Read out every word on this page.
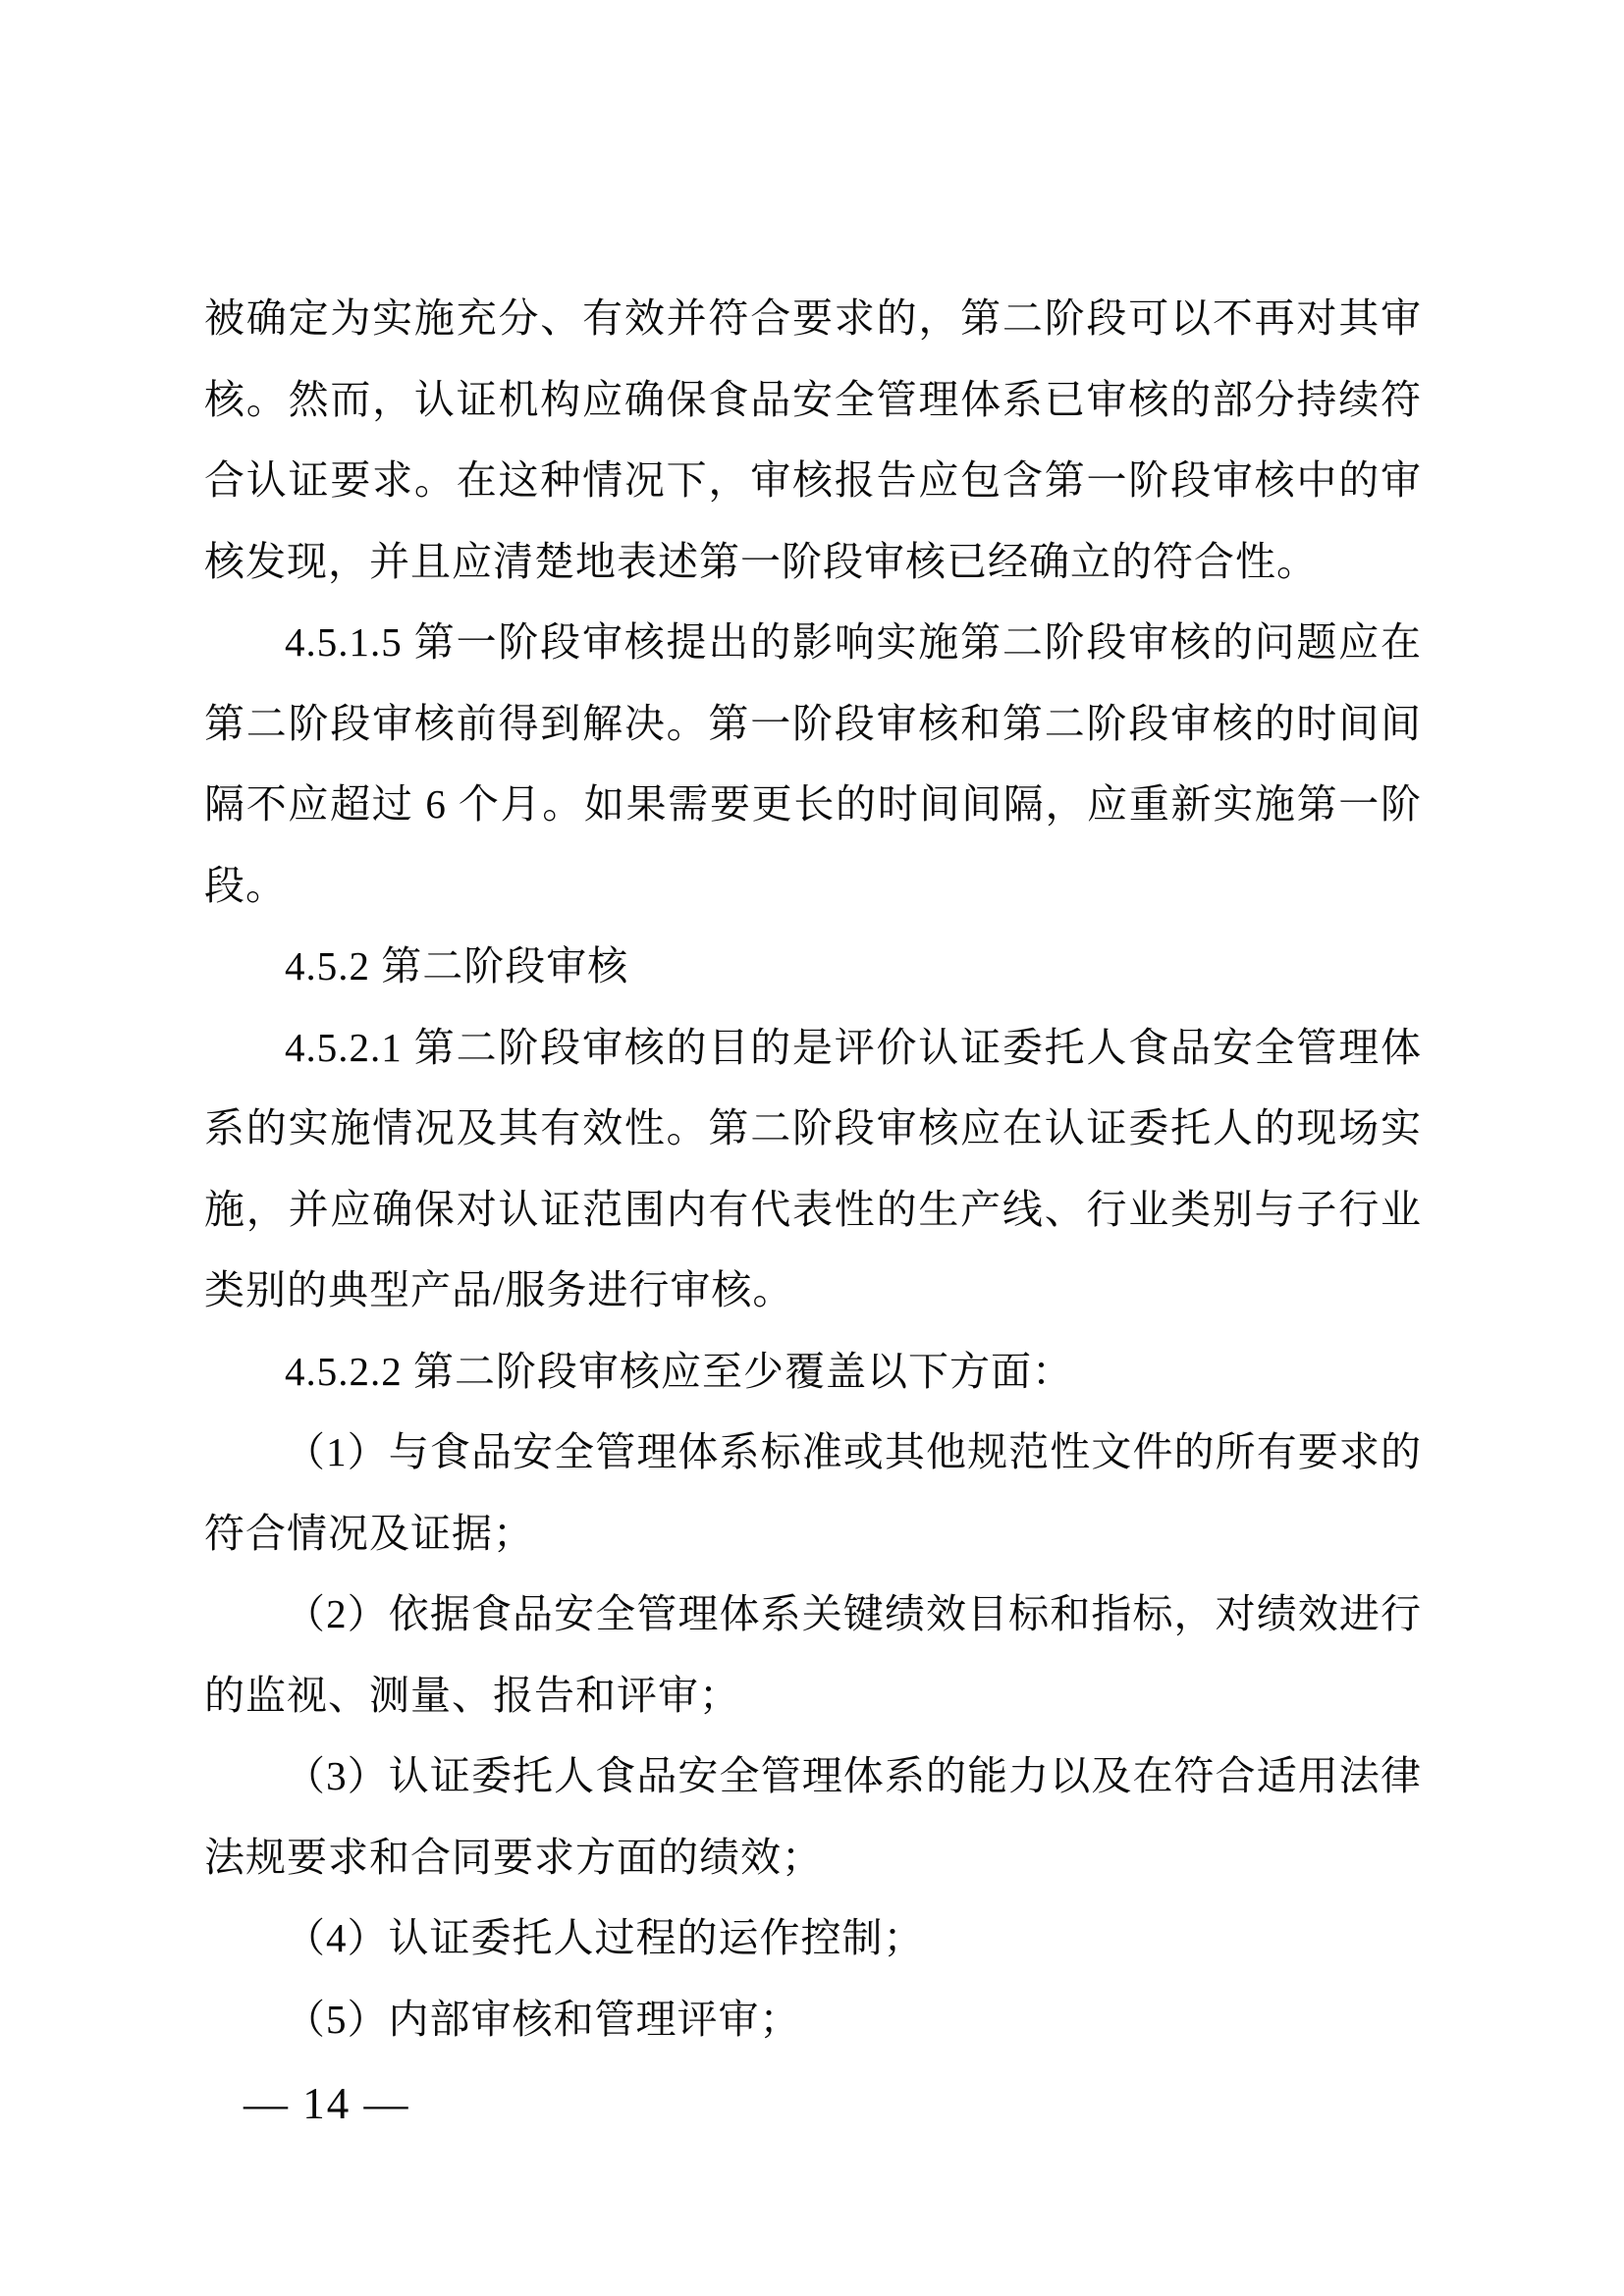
被确定为实施充分、有效并符合要求的，第二阶段可以不再对其审核。然而，认证机构应确保食品安全管理体系已审核的部分持续符合认证要求。在这种情况下，审核报告应包含第一阶段审核中的审核发现，并且应清楚地表述第一阶段审核已经确立的符合性。

4.5.1.5 第一阶段审核提出的影响实施第二阶段审核的问题应在第二阶段审核前得到解决。第一阶段审核和第二阶段审核的时间间隔不应超过 6 个月。如果需要更长的时间间隔，应重新实施第一阶段。

4.5.2 第二阶段审核

4.5.2.1 第二阶段审核的目的是评价认证委托人食品安全管理体系的实施情况及其有效性。第二阶段审核应在认证委托人的现场实施，并应确保对认证范围内有代表性的生产线、行业类别与子行业类别的典型产品/服务进行审核。

4.5.2.2 第二阶段审核应至少覆盖以下方面：

（1）与食品安全管理体系标准或其他规范性文件的所有要求的符合情况及证据；

（2）依据食品安全管理体系关键绩效目标和指标，对绩效进行的监视、测量、报告和评审；

（3）认证委托人食品安全管理体系的能力以及在符合适用法律法规要求和合同要求方面的绩效；

（4）认证委托人过程的运作控制；

（5）内部审核和管理评审；

— 14 —
